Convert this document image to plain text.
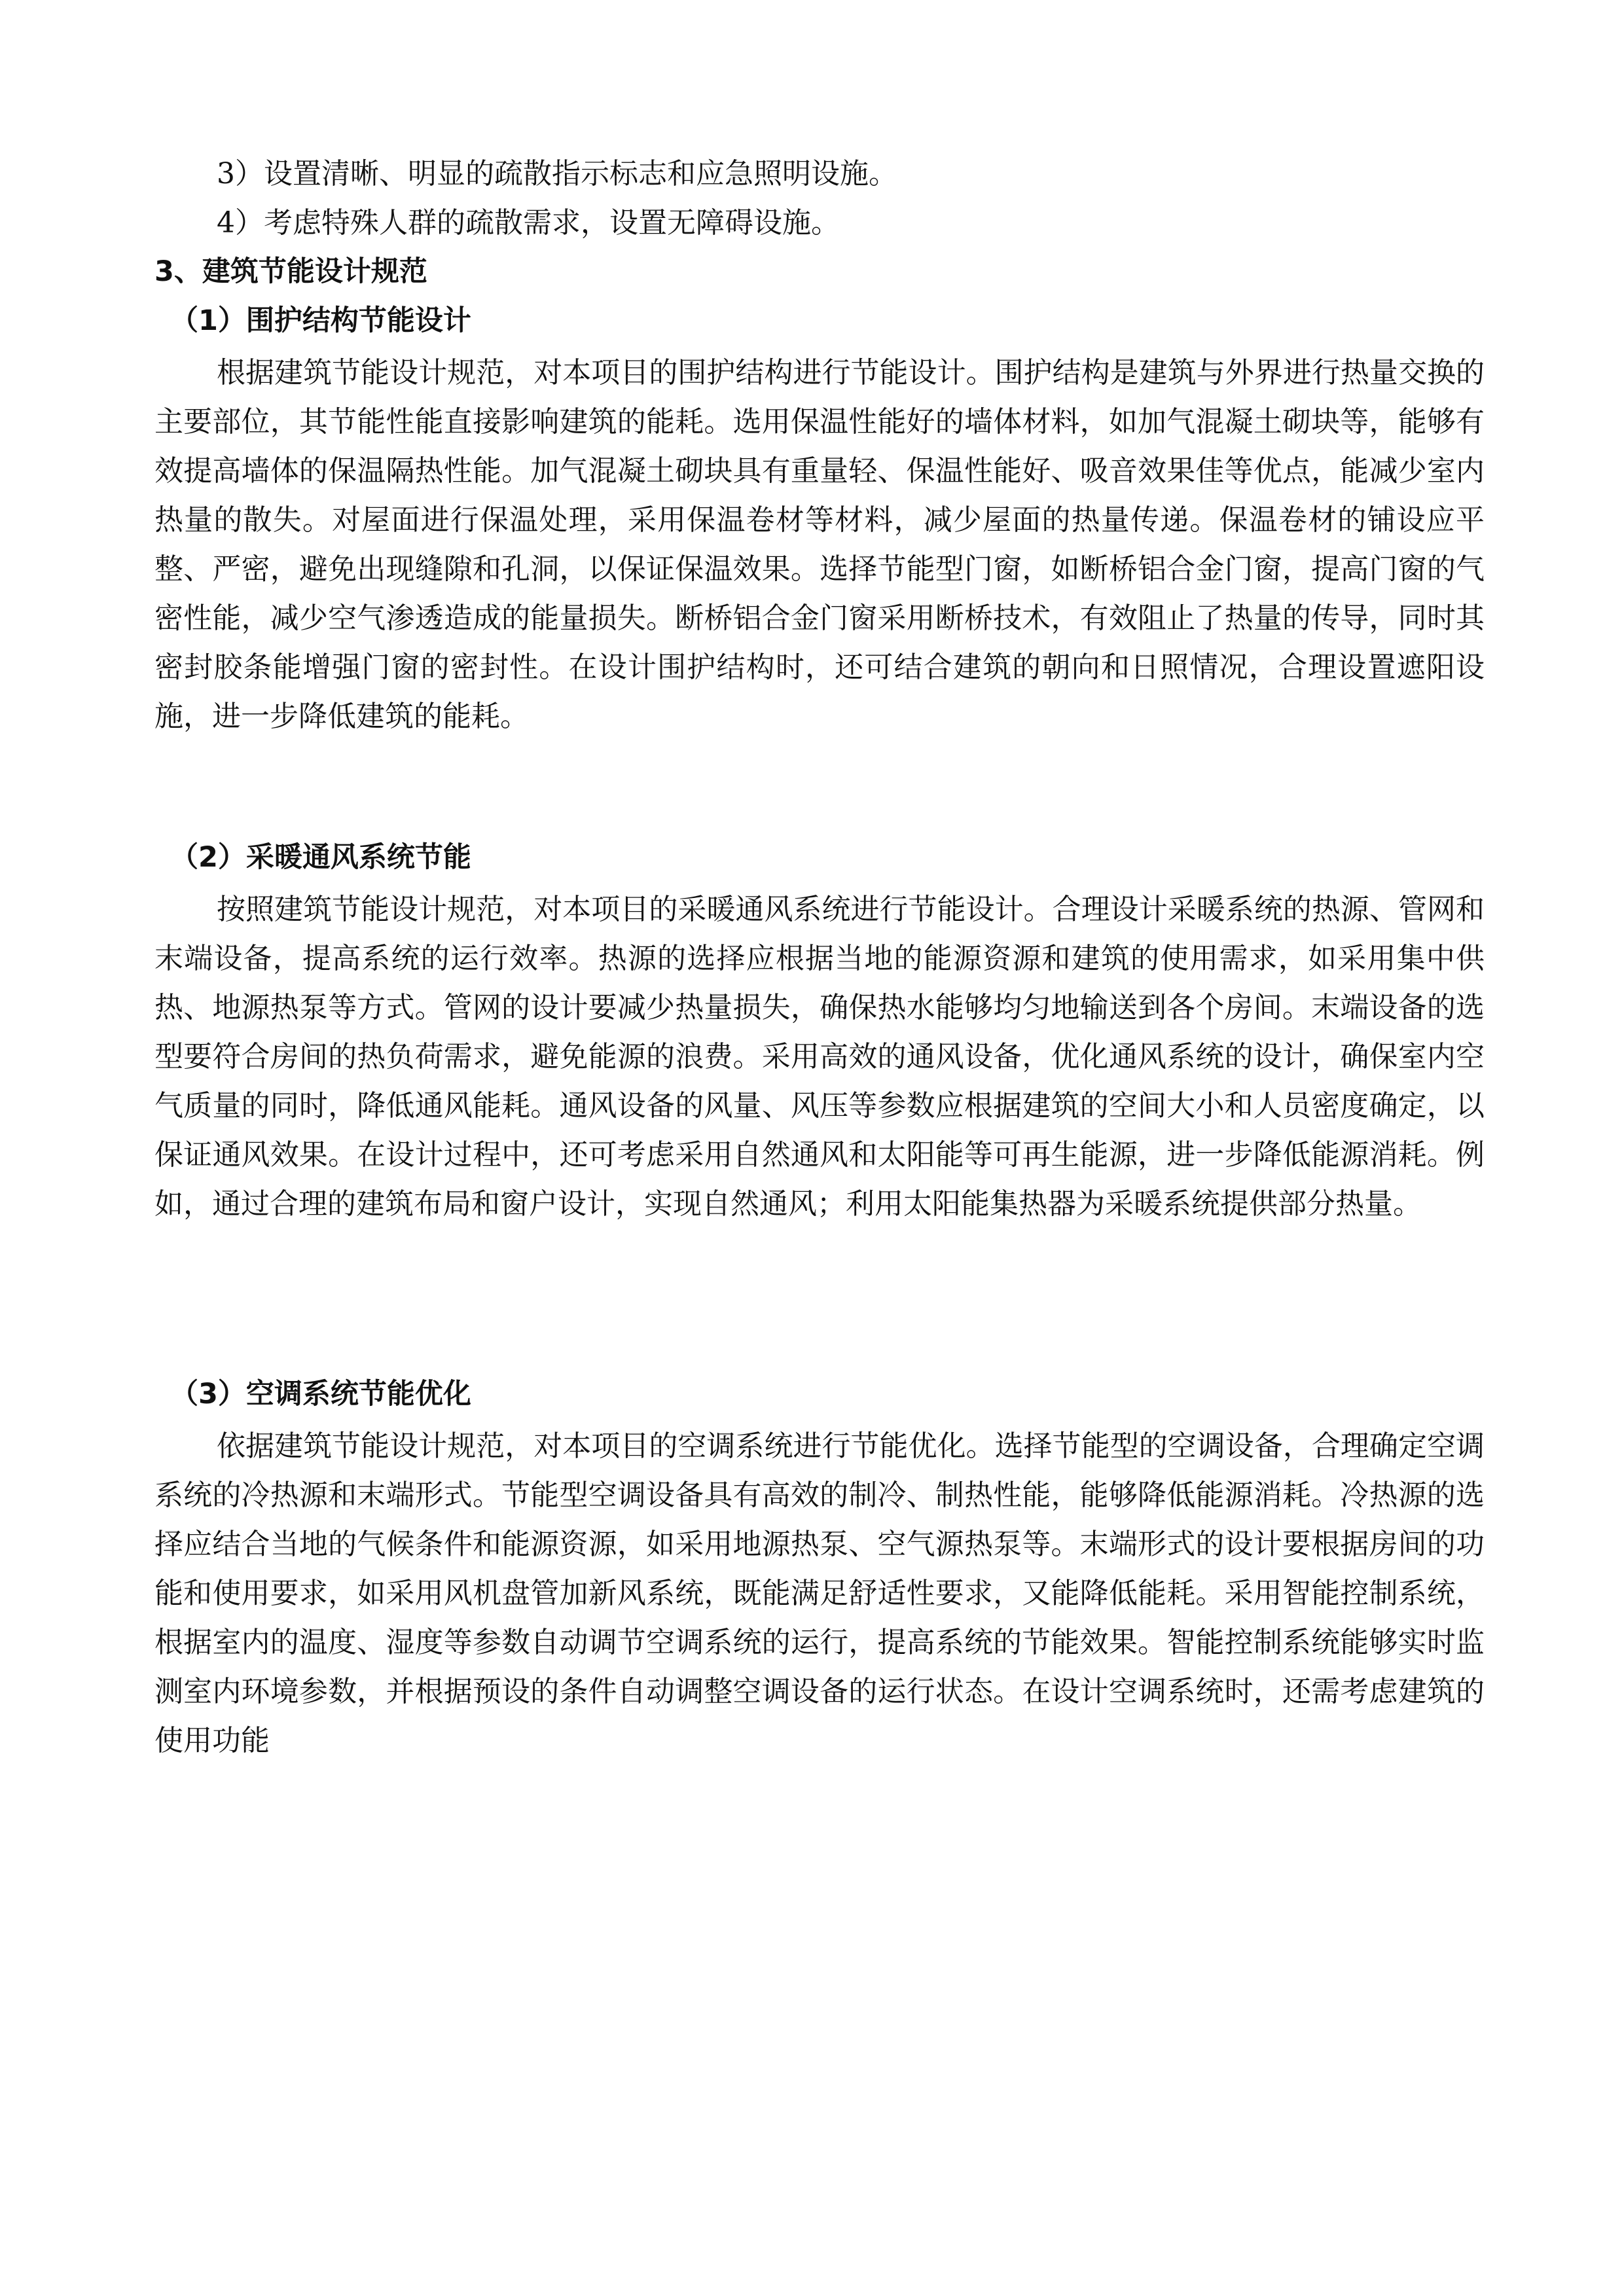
3）设置清晰、明显的疏散指示标志和应急照明设施。
4）考虑特殊人群的疏散需求，设置无障碍设施。
3、建筑节能设计规范
（1）围护结构节能设计

根据建筑节能设计规范，对本项目的围护结构进行节能设计。围护结构是建筑与外界进行热量交换的主要部位，其节能性能直接影响建筑的能耗。选用保温性能好的墙体材料，如加气混凝土砌块等，能够有效提高墙体的保温隔热性能。加气混凝土砌块具有重量轻、保温性能好、吸音效果佳等优点，能减少室内热量的散失。对屋面进行保温处理，采用保温卷材等材料，减少屋面的热量传递。保温卷材的铺设应平整、严密，避免出现缝隙和孔洞，以保证保温效果。选择节能型门窗，如断桥铝合金门窗，提高门窗的气密性能，减少空气渗透造成的能量损失。断桥铝合金门窗采用断桥技术，有效阻止了热量的传导，同时其密封胶条能增强门窗的密封性。在设计围护结构时，还可结合建筑的朝向和日照情况，合理设置遮阳设施，进一步降低建筑的能耗。

（2）采暖通风系统节能

按照建筑节能设计规范，对本项目的采暖通风系统进行节能设计。合理设计采暖系统的热源、管网和末端设备，提高系统的运行效率。热源的选择应根据当地的能源资源和建筑的使用需求，如采用集中供热、地源热泵等方式。管网的设计要减少热量损失，确保热水能够均匀地输送到各个房间。末端设备的选型要符合房间的热负荷需求，避免能源的浪费。采用高效的通风设备，优化通风系统的设计，确保室内空气质量的同时，降低通风能耗。通风设备的风量、风压等参数应根据建筑的空间大小和人员密度确定，以保证通风效果。在设计过程中，还可考虑采用自然通风和太阳能等可再生能源，进一步降低能源消耗。例如，通过合理的建筑布局和窗户设计，实现自然通风；利用太阳能集热器为采暖系统提供部分热量。

（3）空调系统节能优化

依据建筑节能设计规范，对本项目的空调系统进行节能优化。选择节能型的空调设备，合理确定空调系统的冷热源和末端形式。节能型空调设备具有高效的制冷、制热性能，能够降低能源消耗。冷热源的选择应结合当地的气候条件和能源资源，如采用地源热泵、空气源热泵等。末端形式的设计要根据房间的功能和使用要求，如采用风机盘管加新风系统，既能满足舒适性要求，又能降低能耗。采用智能控制系统，根据室内的温度、湿度等参数自动调节空调系统的运行，提高系统的节能效果。智能控制系统能够实时监测室内环境参数，并根据预设的条件自动调整空调设备的运行状态。在设计空调系统时，还需考虑建筑的使用功能
